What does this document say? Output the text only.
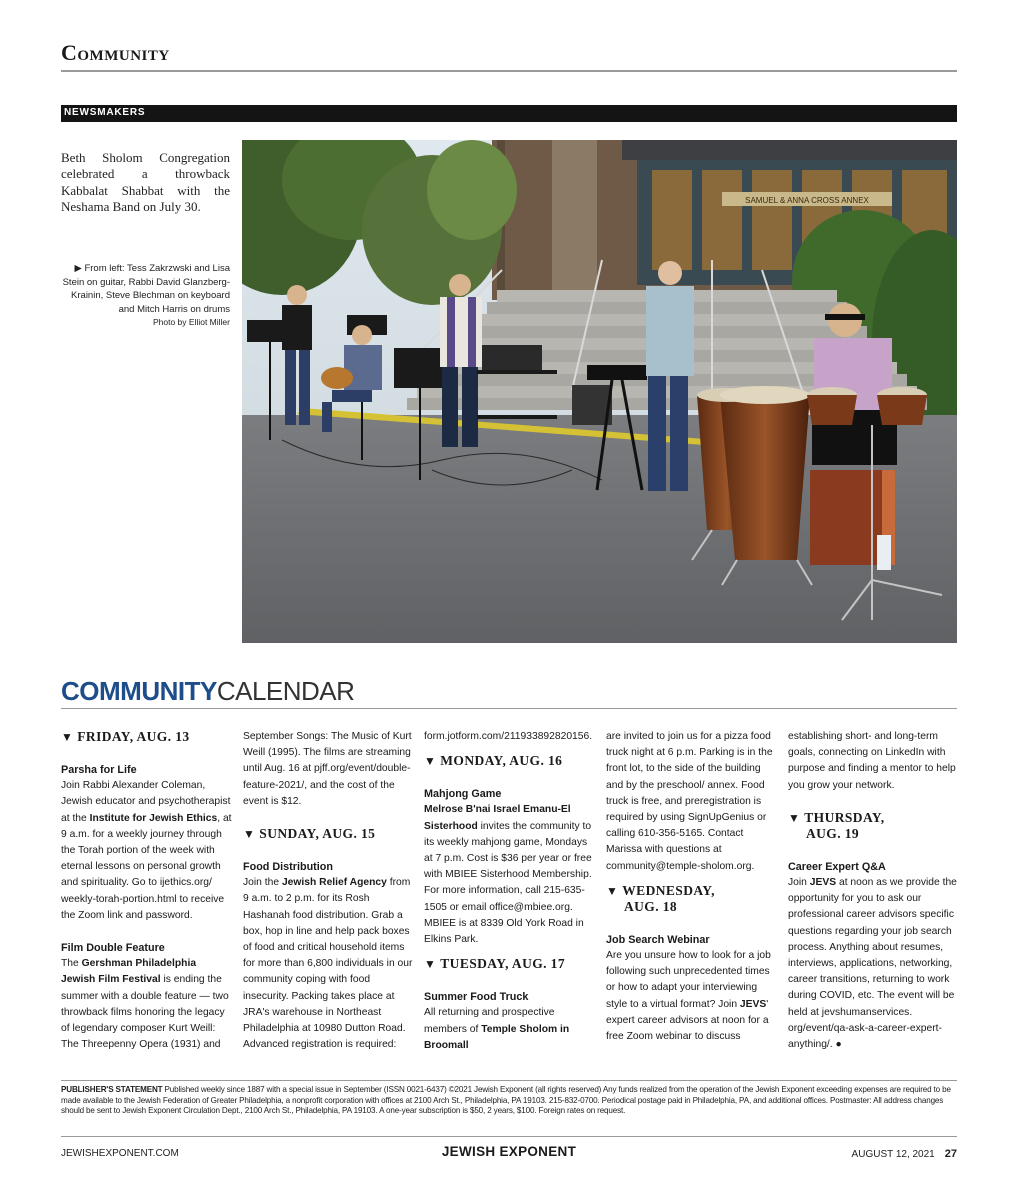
Community
NEWSMAKERS
Beth Sholom Congregation celebrated a throwback Kabbalat Shabbat with the Neshama Band on July 30.
▶ From left: Tess Zakrzwski and Lisa Stein on guitar, Rabbi David Glanzberg-Krainin, Steve Blechman on keyboard and Mitch Harris on drums
Photo by Elliot Miller
SAMUEL & ANNA CROSS ANNEX
COMMUNITYCALENDAR
▼ FRIDAY, AUG. 13

Parsha for Life

Join Rabbi Alexander Coleman, Jewish educator and psychotherapist at the Institute for Jewish Ethics, at 9 a.m. for a weekly journey through the Torah portion of the week with eternal lessons on personal growth and spirituality. Go to ijethics.org/ weekly-torah-portion.html to receive the Zoom link and password.

Film Double Feature

The Gershman Philadelphia Jewish Film Festival is ending the summer with a double feature — two throwback films honoring the legacy of legendary composer Kurt Weill: The Threepenny Opera (1931) and

September Songs: The Music of Kurt Weill (1995). The films are streaming until Aug. 16 at pjff.org/event/double-feature-2021/, and the cost of the event is $12.

▼ SUNDAY, AUG. 15

Food Distribution

Join the Jewish Relief Agency from 9 a.m. to 2 p.m. for its Rosh Hashanah food distribution. Grab a box, hop in line and help pack boxes of food and critical household items for more than 6,800 individuals in our community coping with food insecurity. Packing takes place at JRA's warehouse in Northeast Philadelphia at 10980 Dutton Road. Advanced registration is required:

form.jotform.com/211933892820156.

▼ MONDAY, AUG. 16

Mahjong Game

Melrose B'nai Israel Emanu-El Sisterhood invites the community to its weekly mahjong game, Mondays at 7 p.m. Cost is $36 per year or free with MBIEE Sisterhood Membership. For more information, call 215-635-1505 or email office@mbiee.org. MBIEE is at 8339 Old York Road in Elkins Park.

▼ TUESDAY, AUG. 17

Summer Food Truck

All returning and prospective members of Temple Sholom in Broomall

are invited to join us for a pizza food truck night at 6 p.m. Parking is in the front lot, to the side of the building and by the preschool/ annex. Food truck is free, and preregistration is required by using SignUpGenius or calling 610-356-5165. Contact Marissa with questions at community@temple-sholom.org.

▼ WEDNESDAY,
AUG. 18

Job Search Webinar

Are you unsure how to look for a job following such unprecedented times or how to adapt your interviewing style to a virtual format? Join JEVS' expert career advisors at noon for a free Zoom webinar to discuss

establishing short- and long-term goals, connecting on LinkedIn with purpose and finding a mentor to help you grow your network.

▼ THURSDAY,
AUG. 19

Career Expert Q&A

Join JEVS at noon as we provide the opportunity for you to ask our professional career advisors specific questions regarding your job search process. Anything about resumes, interviews, applications, networking, career transitions, returning to work during COVID, etc. The event will be held at jevshumanservices. org/event/qa-ask-a-career-expert-anything/. ●

PUBLISHER'S STATEMENT Published weekly since 1887 with a special issue in September (ISSN 0021-6437) ©2021 Jewish Exponent (all rights reserved) Any funds realized from the operation of the Jewish Exponent exceeding expenses are required to be made available to the Jewish Federation of Greater Philadelphia, a nonprofit corporation with offices at 2100 Arch St., Philadelphia, PA 19103. 215-832-0700. Periodical postage paid in Philadelphia, PA, and additional offices. Postmaster: All address changes should be sent to Jewish Exponent Circulation Dept., 2100 Arch St., Philadelphia, PA 19103. A one-year subscription is $50, 2 years, $100. Foreign rates on request.
JEWISHEXPONENT.COM	JEWISH EXPONENT	AUGUST 12, 2021 27
